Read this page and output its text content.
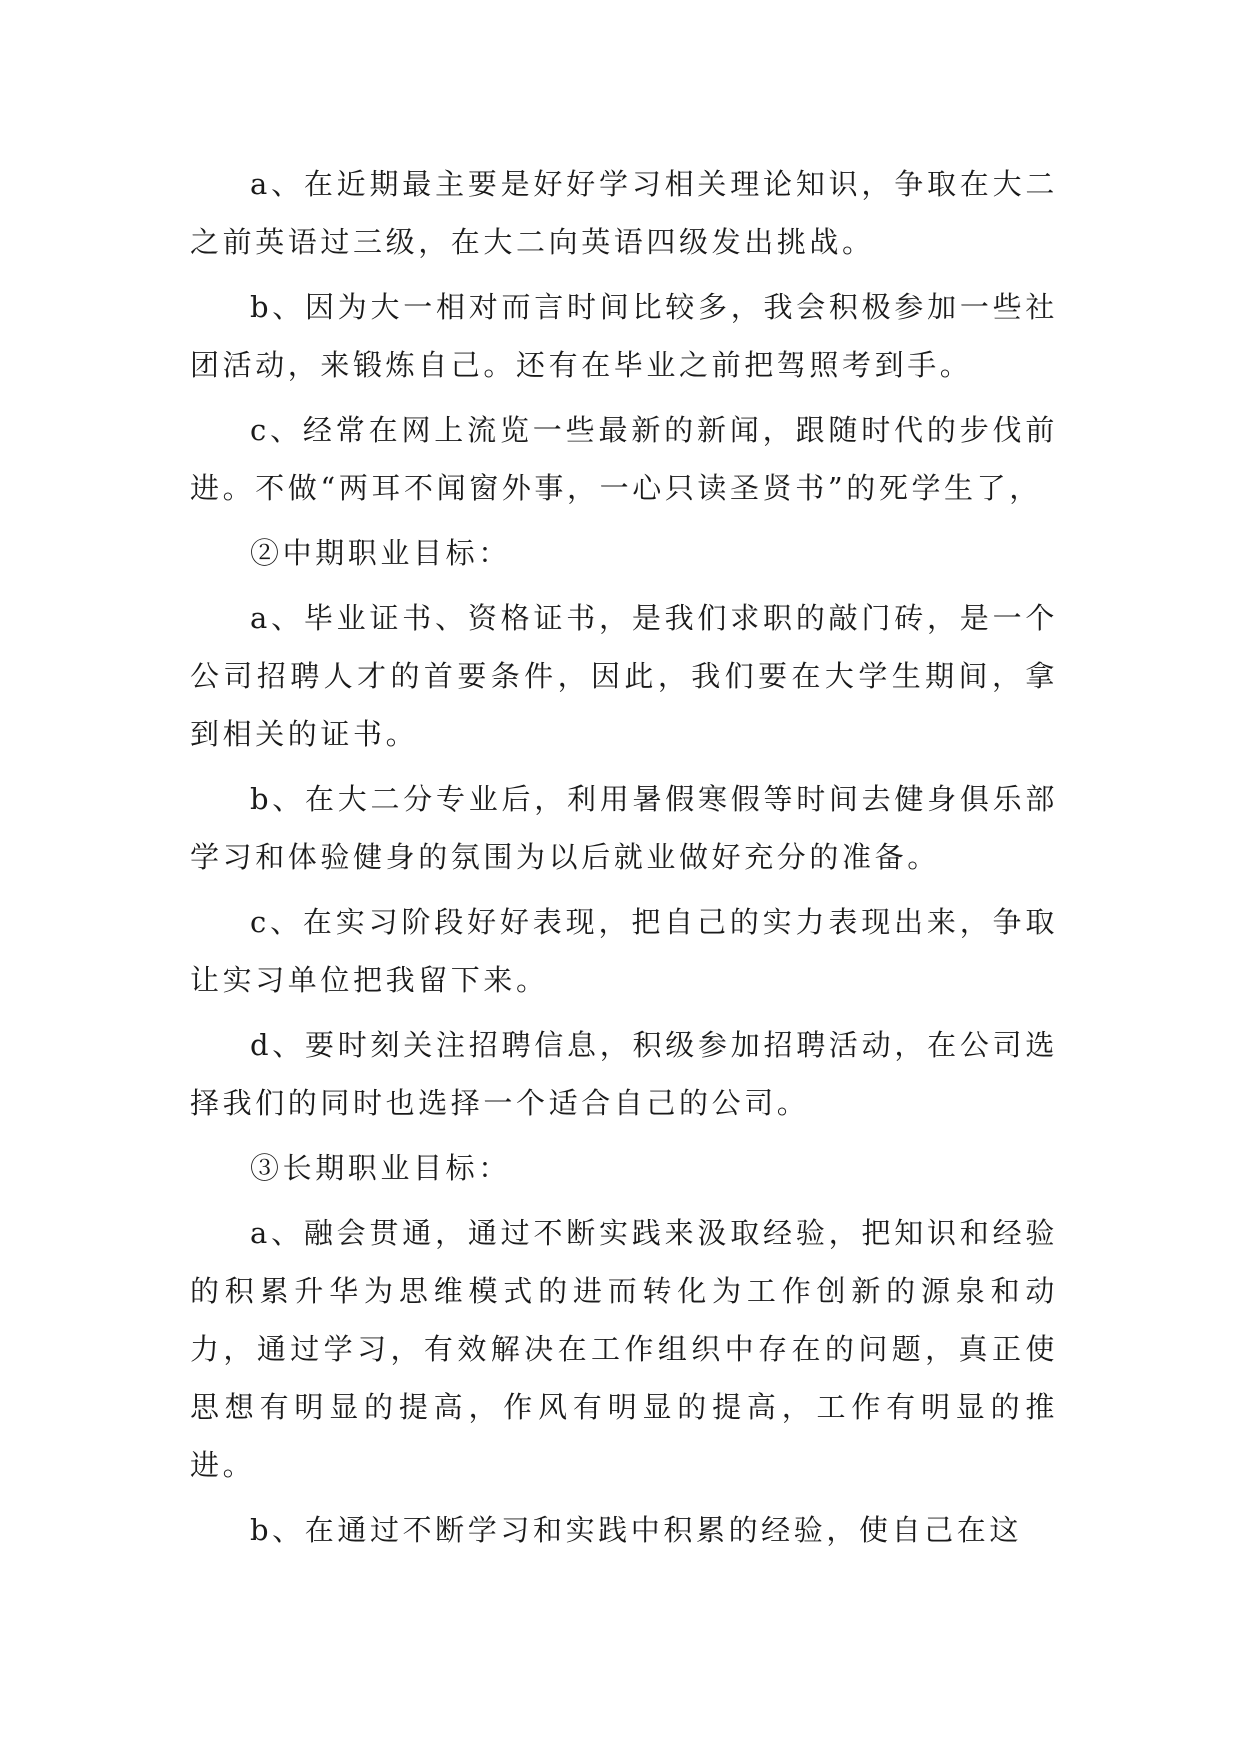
a、在近期最主要是好好学习相关理论知识，争取在大二之前英语过三级，在大二向英语四级发出挑战。

b、因为大一相对而言时间比较多，我会积极参加一些社团活动，来锻炼自己。还有在毕业之前把驾照考到手。

c、经常在网上流览一些最新的新闻，跟随时代的步伐前进。不做“两耳不闻窗外事，一心只读圣贤书”的死学生了，

②中期职业目标：

a、毕业证书、资格证书，是我们求职的敲门砖，是一个公司招聘人才的首要条件，因此，我们要在大学生期间，拿到相关的证书。

b、在大二分专业后，利用暑假寒假等时间去健身俱乐部学习和体验健身的氛围为以后就业做好充分的准备。

c、在实习阶段好好表现，把自己的实力表现出来，争取让实习单位把我留下来。

d、要时刻关注招聘信息，积级参加招聘活动，在公司选择我们的同时也选择一个适合自己的公司。

③长期职业目标：

a、融会贯通，通过不断实践来汲取经验，把知识和经验的积累升华为思维模式的进而转化为工作创新的源泉和动力，通过学习，有效解决在工作组织中存在的问题，真正使思想有明显的提高，作风有明显的提高，工作有明显的推进。

b、在通过不断学习和实践中积累的经验，使自己在这
